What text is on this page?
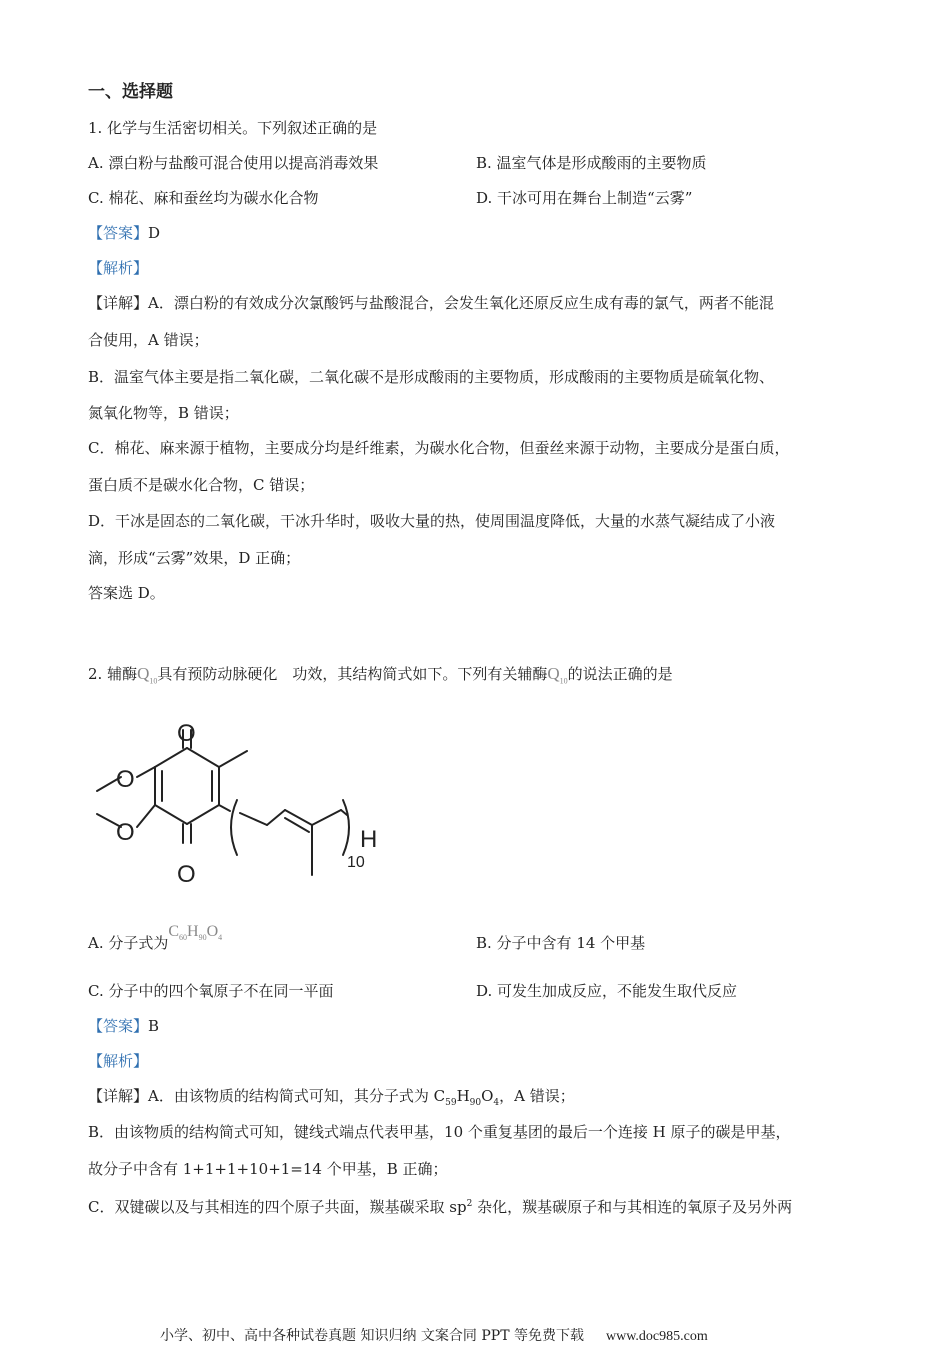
一、选择题
1. 化学与生活密切相关。下列叙述正确的是
A. 漂白粉与盐酸可混合使用以提高消毒效果	B. 温室气体是形成酸雨的主要物质
C. 棉花、麻和蚕丝均为碳水化合物	D. 干冰可用在舞台上制造“云雾”
【答案】D
【解析】
【详解】A．漂白粉的有效成分次氯酸钙与盐酸混合，会发生氧化还原反应生成有毒的氯气，两者不能混
合使用，A 错误；
B．温室气体主要是指二氧化碳，二氧化碳不是形成酸雨的主要物质，形成酸雨的主要物质是硫氧化物、
氮氧化物等，B 错误；
C．棉花、麻来源于植物，主要成分均是纤维素，为碳水化合物，但蚕丝来源于动物，主要成分是蛋白质，
蛋白质不是碳水化合物，C 错误；
D．干冰是固态的二氧化碳，干冰升华时，吸收大量的热，使周围温度降低，大量的水蒸气凝结成了小液
滴，形成“云雾”效果，D 正确；
答案选 D。
2. 辅酶$Q_{10}$具有预防动脉硬化　功效，其结构简式如下。下列有关辅酶$Q_{10}$的说法正确的是
O
O
O
O	H
10
A. 分子式为$C_{60}H_{90}O_4$	B. 分子中含有 14 个甲基
C. 分子中的四个氧原子不在同一平面	D. 可发生加成反应，不能发生取代反应
【答案】B
【解析】
【详解】A．由该物质的结构简式可知，其分子式为 $C_{59}H_{90}O_4$，A 错误；
B．由该物质的结构简式可知，键线式端点代表甲基，10 个重复基团的最后一个连接 H 原子的碳是甲基，
故分子中含有 1+1+1+10+1=14 个甲基，B 正确；
C．双键碳以及与其相连的四个原子共面，羰基碳采取 $sp^2$ 杂化，羰基碳原子和与其相连的氧原子及另外两
小学、初中、高中各种试卷真题 知识归纳 文案合同 PPT 等免费下载 www.doc985.com
